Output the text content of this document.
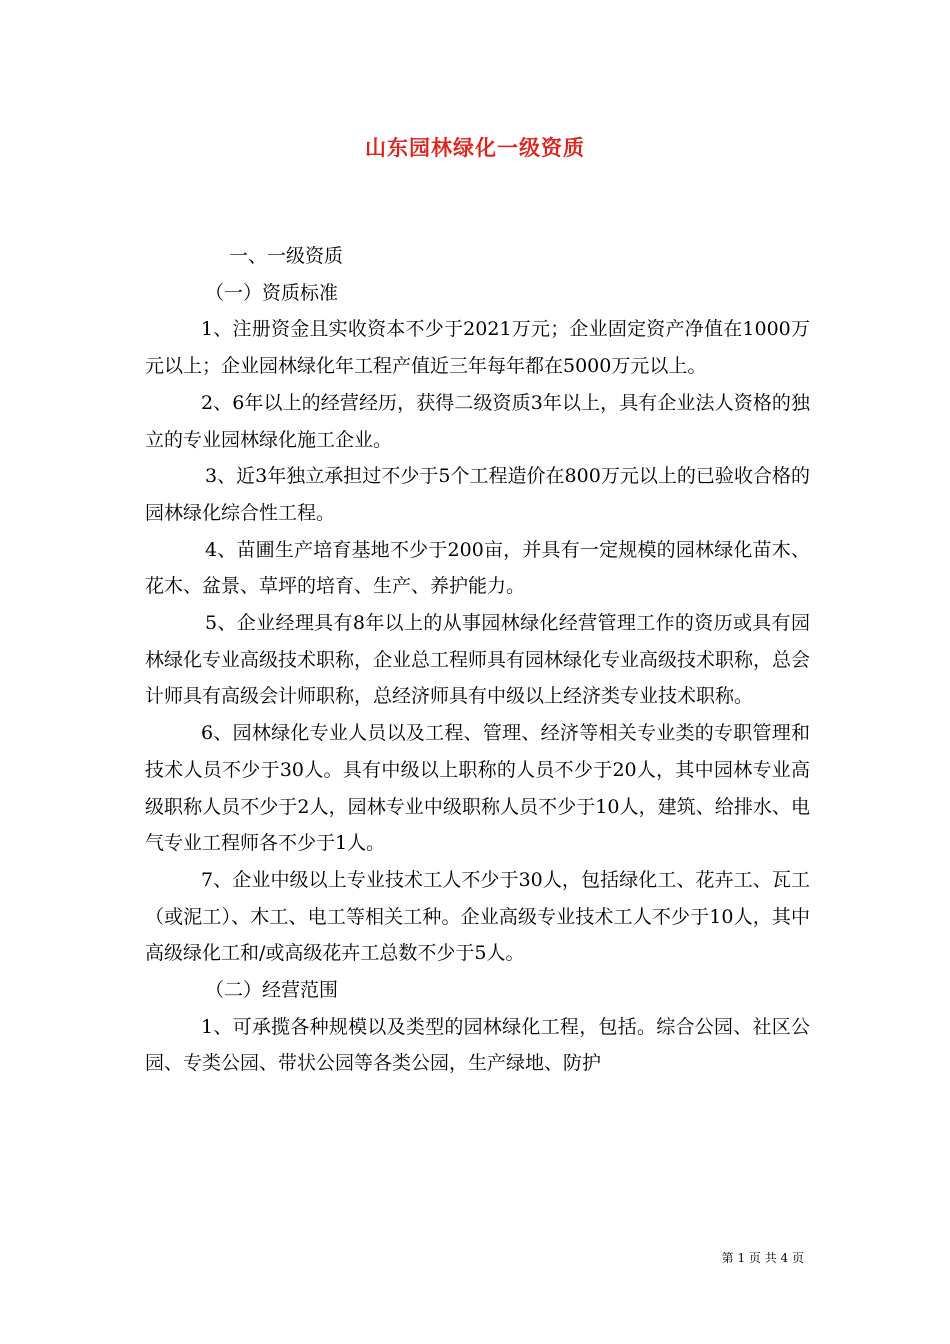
山东园林绿化一级资质

一、一级资质

（一）资质标准

1、注册资金且实收资本不少于2021万元；企业固定资产净值在1000万元以上；企业园林绿化年工程产值近三年每年都在5000万元以上。

2、6年以上的经营经历，获得二级资质3年以上，具有企业法人资格的独立的专业园林绿化施工企业。

3、近3年独立承担过不少于5个工程造价在800万元以上的已验收合格的园林绿化综合性工程。

4、苗圃生产培育基地不少于200亩，并具有一定规模的园林绿化苗木、花木、盆景、草坪的培育、生产、养护能力。

5、企业经理具有8年以上的从事园林绿化经营管理工作的资历或具有园林绿化专业高级技术职称，企业总工程师具有园林绿化专业高级技术职称，总会计师具有高级会计师职称，总经济师具有中级以上经济类专业技术职称。

6、园林绿化专业人员以及工程、管理、经济等相关专业类的专职管理和技术人员不少于30人。具有中级以上职称的人员不少于20人，其中园林专业高级职称人员不少于2人，园林专业中级职称人员不少于10人，建筑、给排水、电气专业工程师各不少于1人。

7、企业中级以上专业技术工人不少于30人，包括绿化工、花卉工、瓦工（或泥工）、木工、电工等相关工种。企业高级专业技术工人不少于10人，其中高级绿化工和/或高级花卉工总数不少于5人。

（二）经营范围

1、可承揽各种规模以及类型的园林绿化工程，包括。综合公园、社区公园、专类公园、带状公园等各类公园，生产绿地、防护

第 1 页 共 4 页
